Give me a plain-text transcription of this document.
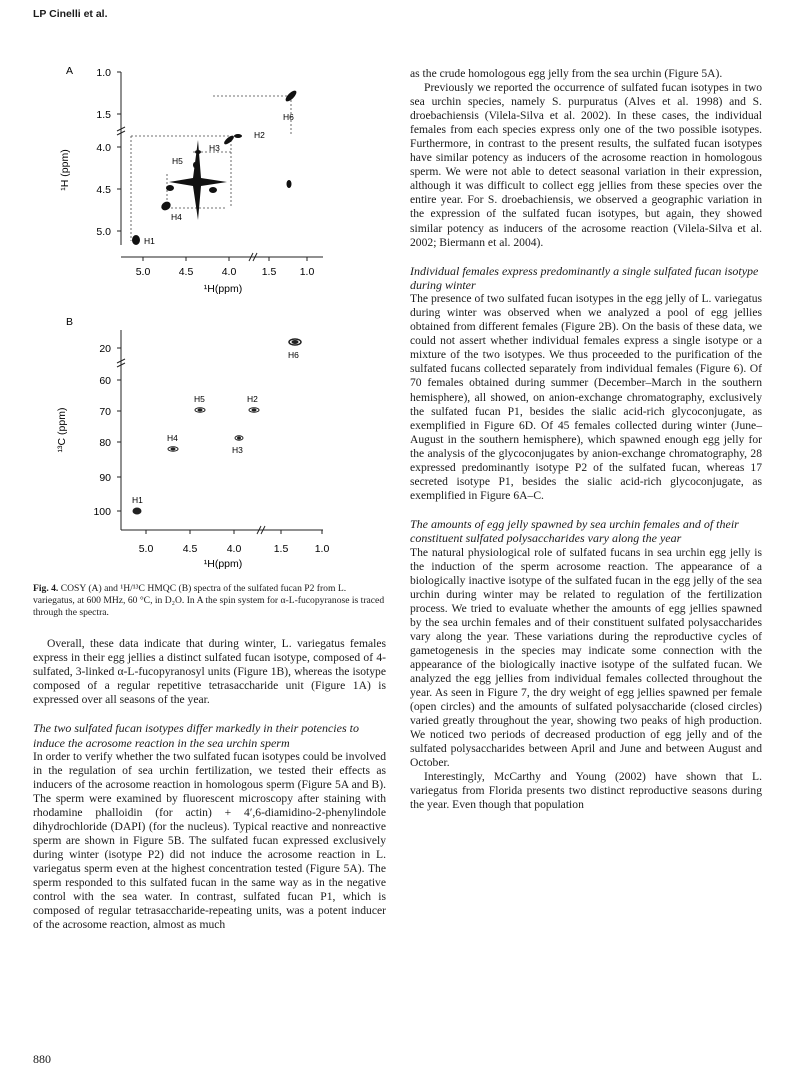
LP Cinelli et al.
A 1.0
1.5
4.0
4.5
5.0
¹H (ppm)
5.0	4.5	4.0 1.5 1.0
¹H(ppm)
H6
H2
H3
H5
H4
H1
B
20
60
70
80
90
100
¹³C (ppm)
5.0	4.5	4.0	1.5	1.0
¹H(ppm)
H6
H5	H2
H4
H3
H1
Fig. 4. COSY (A) and ¹H/¹³C HMQC (B) spectra of the sulfated fucan P2 from L. variegatus, at 600 MHz, 60 °C, in D₂O. In A the spin system for α-L-fucopyranose is traced through the spectra.

Overall, these data indicate that during winter, L. variegatus females express in their egg jellies a distinct sulfated fucan isotype, composed of 4-sulfated, 3-linked α-L-fucopyranosyl units (Figure 1B), whereas the isotype composed of a regular repetitive tetrasaccharide unit (Figure 1A) is expressed over all seasons of the year.

The two sulfated fucan isotypes differ markedly in their potencies to induce the acrosome reaction in the sea urchin sperm

In order to verify whether the two sulfated fucan isotypes could be involved in the regulation of sea urchin fertilization, we tested their effects as inducers of the acrosome reaction in homologous sperm (Figure 5A and B). The sperm were examined by fluorescent microscopy after staining with rhodamine phalloidin (for actin) + 4′,6-diamidino-2-phenylindole dihydrochloride (DAPI) (for the nucleus). Typical reactive and nonreactive sperm are shown in Figure 5B. The sulfated fucan expressed exclusively during winter (isotype P2) did not induce the acrosome reaction in L. variegatus sperm even at the highest concentration tested (Figure 5A). The sperm responded to this sulfated fucan in the same way as in the negative control with the sea water. In contrast, sulfated fucan P1, which is composed of regular tetrasaccharide-repeating units, was a potent inducer of the acrosome reaction, almost as much

as the crude homologous egg jelly from the sea urchin (Figure 5A).

Previously we reported the occurrence of sulfated fucan isotypes in two sea urchin species, namely S. purpuratus (Alves et al. 1998) and S. droebachiensis (Vilela-Silva et al. 2002). In these cases, the individual females from each species express only one of the two possible isotypes. Furthermore, in contrast to the present results, the sulfated fucan isotypes have similar potency as inducers of the acrosome reaction in homologous sperm. We were not able to detect seasonal variation in their expression, although it was difficult to collect egg jellies from these species over the entire year. For S. droebachiensis, we observed a geographic variation in the expression of the sulfated fucan isotypes, but again, they showed similar potency as inducers of the acrosome reaction (Vilela-Silva et al. 2002; Biermann et al. 2004).

Individual females express predominantly a single sulfated fucan isotype during winter

The presence of two sulfated fucan isotypes in the egg jelly of L. variegatus during winter was observed when we analyzed a pool of egg jellies obtained from different females (Figure 2B). On the basis of these data, we could not assert whether individual females express a single isotype or a mixture of the two isotypes. We thus proceeded to the purification of the sulfated fucans collected separately from individual females (Figure 6). Of 70 females obtained during summer (December–March in the southern hemisphere), all showed, on anion-exchange chromatography, exclusively the sulfated fucan P1, besides the sialic acid-rich glycoconjugate, as exemplified in Figure 6D. Of 45 females collected during winter (June–August in the southern hemisphere), which spawned enough egg jelly for the analysis of the glycoconjugates by anion-exchange chromatography, 28 expressed predominantly isotype P2 of the sulfated fucan, whereas 17 secreted isotype P1, besides the sialic acid-rich glycoconjugate, as exemplified in Figure 6A–C.

The amounts of egg jelly spawned by sea urchin females and of their constituent sulfated polysaccharides vary along the year

The natural physiological role of sulfated fucans in sea urchin egg jelly is the induction of the sperm acrosome reaction. The appearance of a biologically inactive isotype of the sulfated fucan in the egg jelly of the sea urchin during winter may be related to regulation of the fertilization process. We tried to evaluate whether the amounts of egg jellies spawned by the sea urchin females and of their constituent sulfated polysaccharides vary along the year. These variations during the reproductive cycles of gametogenesis in the species may indicate some connection with the appearance of the biologically inactive isotype of the sulfated fucan. We analyzed the egg jellies from individual females collected throughout the year. As seen in Figure 7, the dry weight of egg jellies spawned per female (open circles) and the amounts of sulfated polysaccharide (closed circles) varied greatly throughout the year, showing two peaks of high production. We noticed two periods of decreased production of egg jelly and of the sulfated polysaccharides between April and June and between August and October.

Interestingly, McCarthy and Young (2002) have shown that L. variegatus from Florida presents two distinct reproductive seasons during the year. Even though that population

880
